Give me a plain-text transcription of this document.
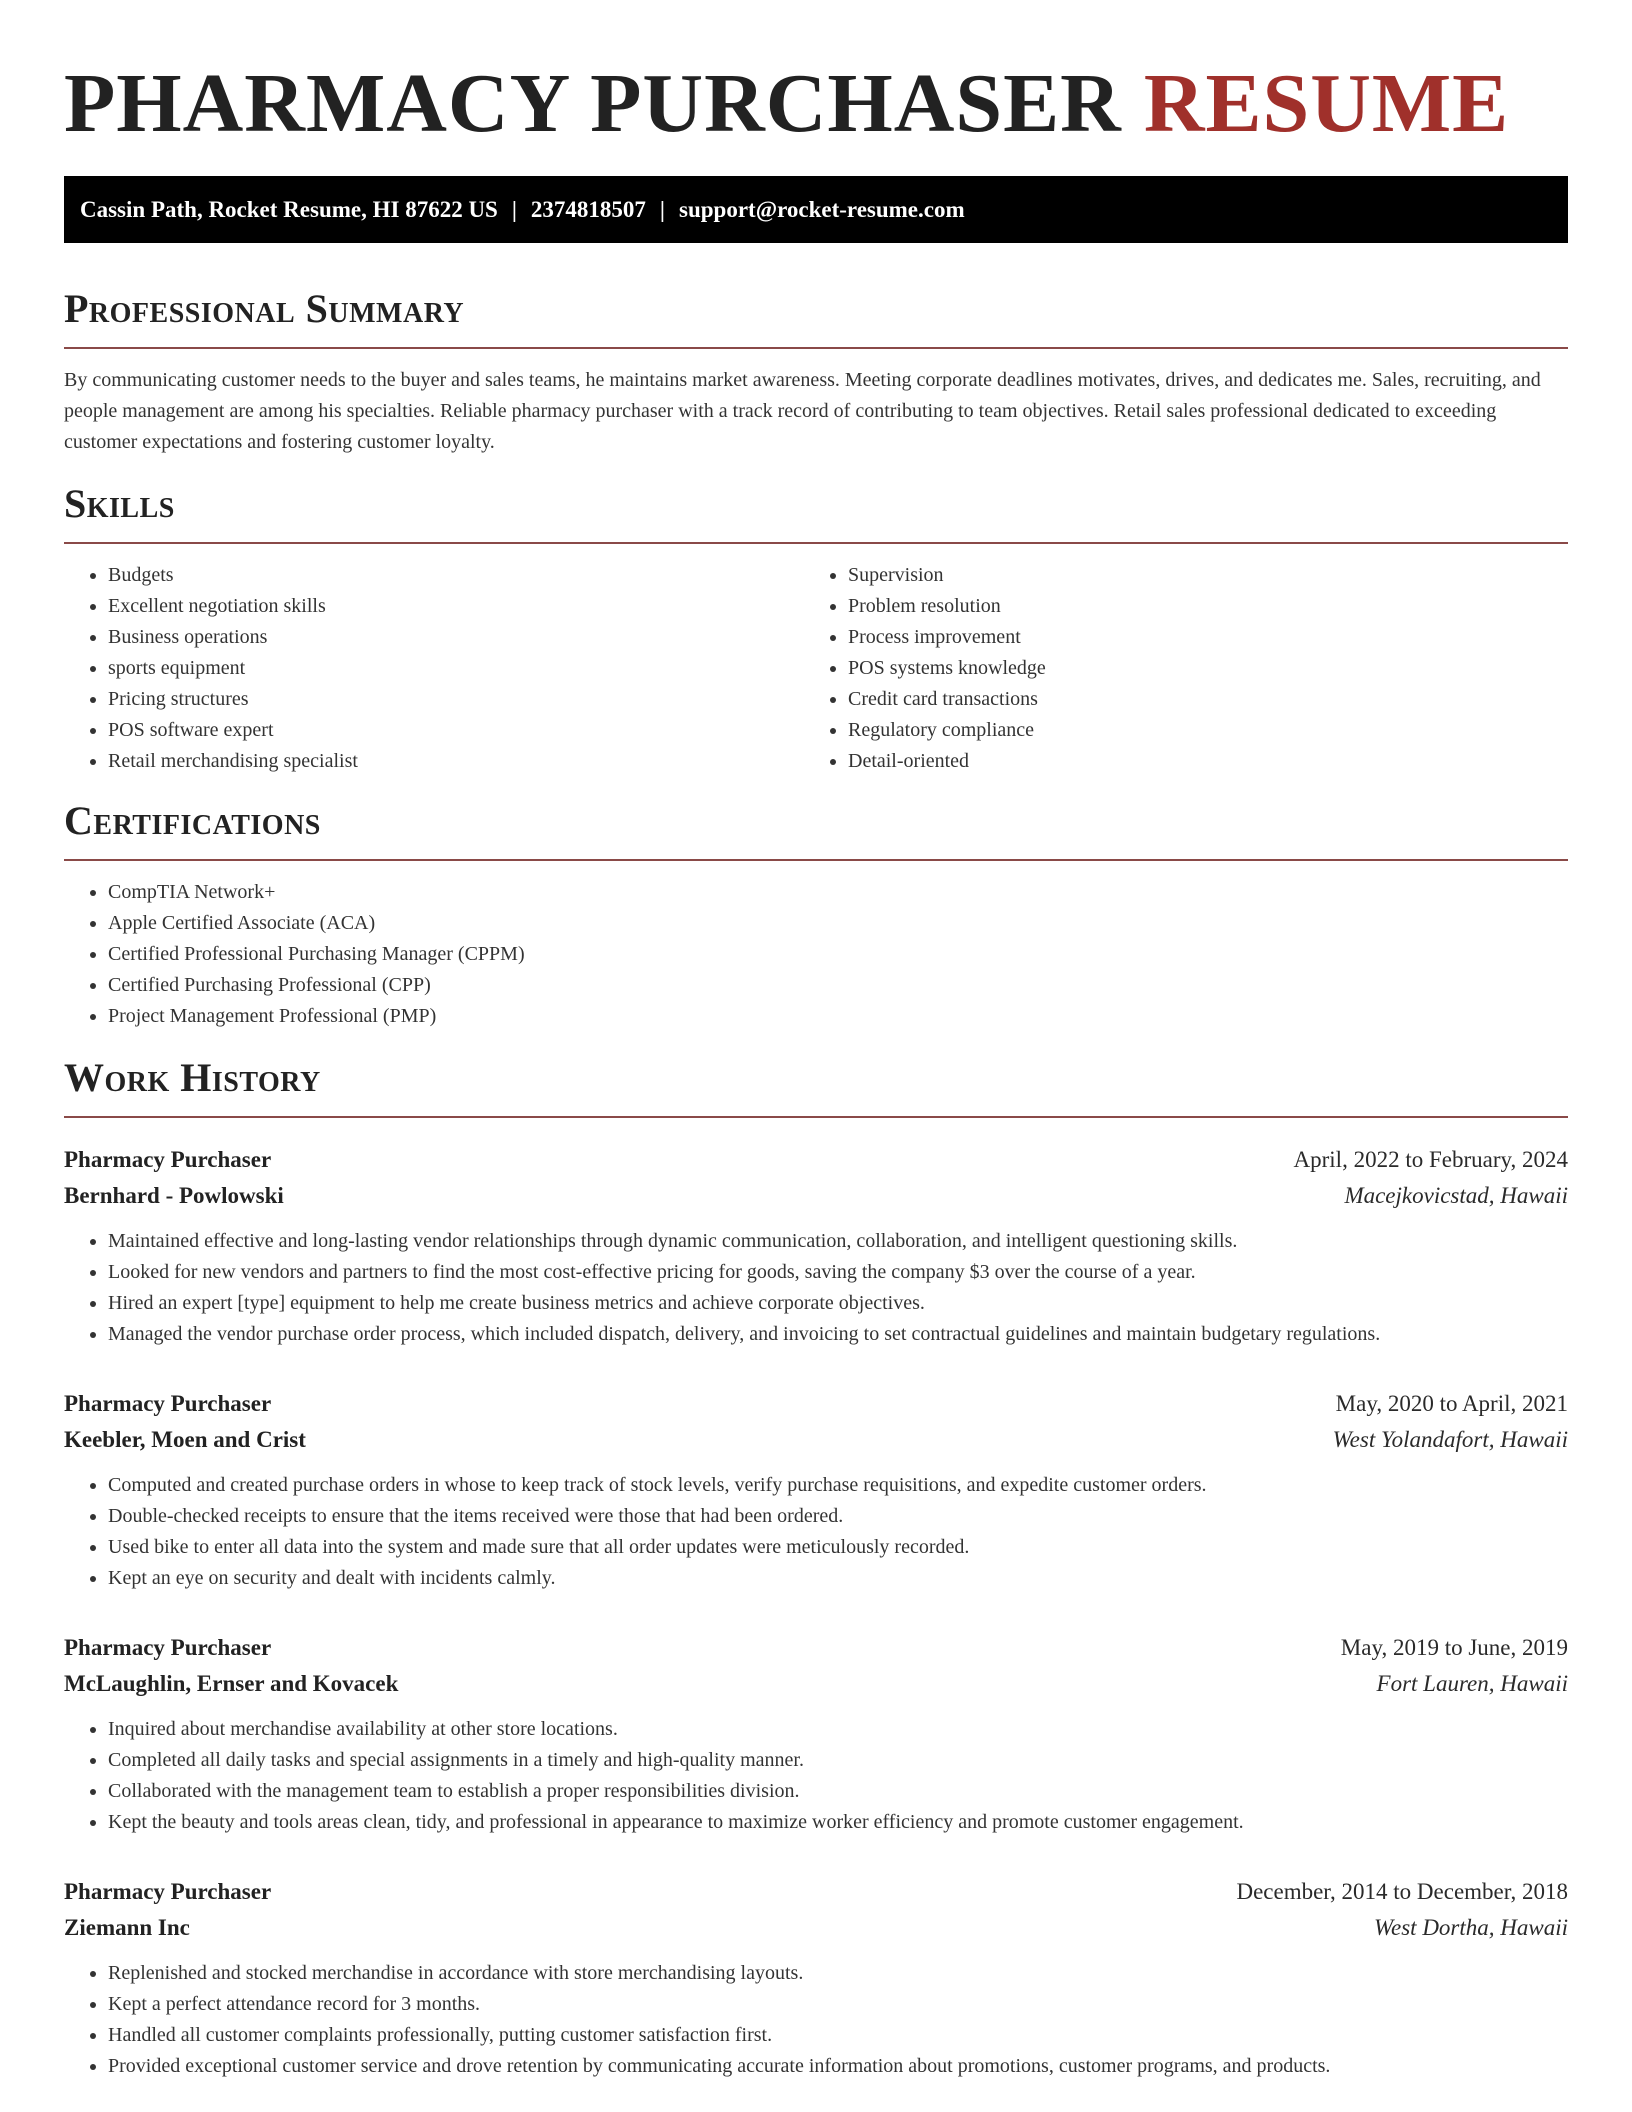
PHARMACY PURCHASER RESUME
Cassin Path, Rocket Resume, HI 87622 US | 2374818507 | support@rocket-resume.com
Professional Summary

By communicating customer needs to the buyer and sales teams, he maintains market awareness. Meeting corporate deadlines motivates, drives, and dedicates me. Sales, recruiting, and people management are among his specialties. Reliable pharmacy purchaser with a track record of contributing to team objectives. Retail sales professional dedicated to exceeding customer expectations and fostering customer loyalty.

Skills
• Budgets
• Excellent negotiation skills
• Business operations
• sports equipment
• Pricing structures
• POS software expert
• Retail merchandising specialist
• Supervision
• Problem resolution
• Process improvement
• POS systems knowledge
• Credit card transactions
• Regulatory compliance
• Detail-oriented
Certifications
• CompTIA Network+
• Apple Certified Associate (ACA)
• Certified Professional Purchasing Manager (CPPM)
• Certified Purchasing Professional (CPP)
• Project Management Professional (PMP)
Work History
Pharmacy Purchaser	April, 2022 to February, 2024
Bernhard - Powlowski	Macejkovicstad, Hawaii
• Maintained effective and long-lasting vendor relationships through dynamic communication, collaboration, and intelligent questioning skills.
• Looked for new vendors and partners to find the most cost-effective pricing for goods, saving the company $3 over the course of a year.
• Hired an expert [type] equipment to help me create business metrics and achieve corporate objectives.
• Managed the vendor purchase order process, which included dispatch, delivery, and invoicing to set contractual guidelines and maintain budgetary regulations.
Pharmacy Purchaser	May, 2020 to April, 2021
Keebler, Moen and Crist	West Yolandafort, Hawaii
• Computed and created purchase orders in whose to keep track of stock levels, verify purchase requisitions, and expedite customer orders.
• Double-checked receipts to ensure that the items received were those that had been ordered.
• Used bike to enter all data into the system and made sure that all order updates were meticulously recorded.
• Kept an eye on security and dealt with incidents calmly.
Pharmacy Purchaser	May, 2019 to June, 2019
McLaughlin, Ernser and Kovacek	Fort Lauren, Hawaii
• Inquired about merchandise availability at other store locations.
• Completed all daily tasks and special assignments in a timely and high-quality manner.
• Collaborated with the management team to establish a proper responsibilities division.
• Kept the beauty and tools areas clean, tidy, and professional in appearance to maximize worker efficiency and promote customer engagement.
Pharmacy Purchaser	December, 2014 to December, 2018
Ziemann Inc	West Dortha, Hawaii
• Replenished and stocked merchandise in accordance with store merchandising layouts.
• Kept a perfect attendance record for 3 months.
• Handled all customer complaints professionally, putting customer satisfaction first.
• Provided exceptional customer service and drove retention by communicating accurate information about promotions, customer programs, and products.
